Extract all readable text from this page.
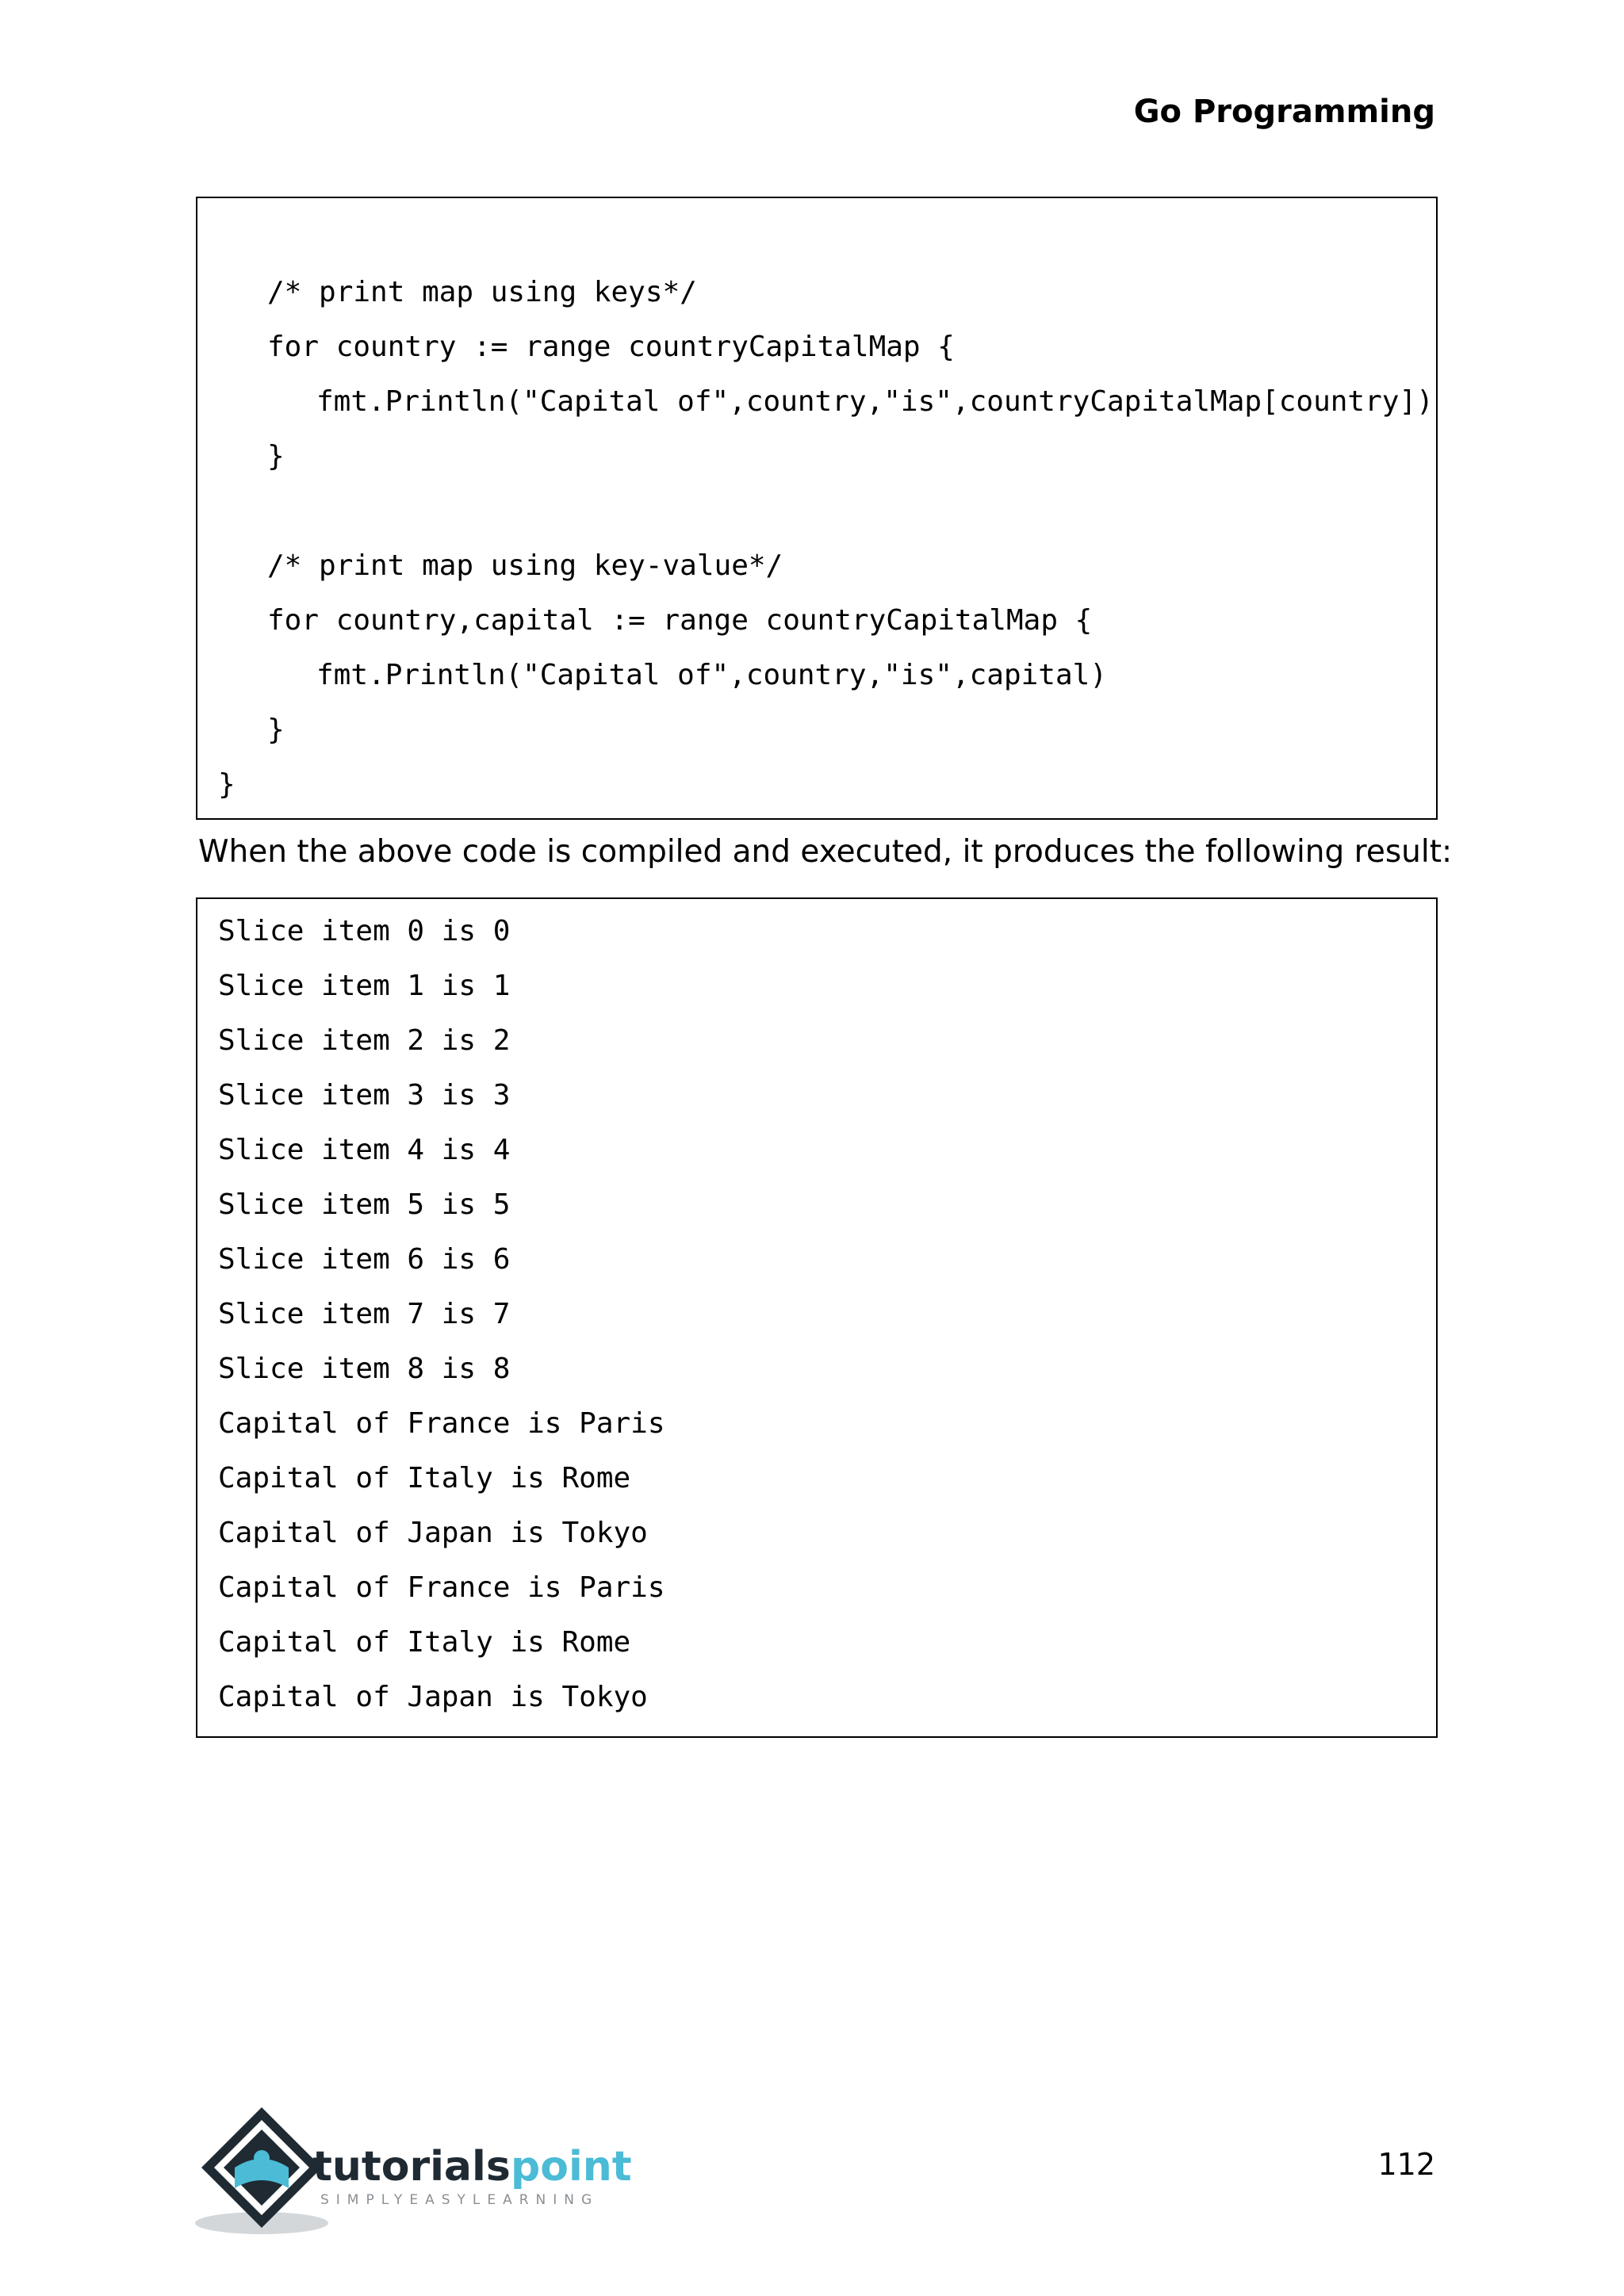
Go Programming
/* print map using keys*/
for country := range countryCapitalMap {
fmt.Println("Capital of",country,"is",countryCapitalMap[country])
}
/* print map using key-value*/
for country,capital := range countryCapitalMap {
fmt.Println("Capital of",country,"is",capital)
}
}
When the above code is compiled and executed, it produces the following result:
Slice item 0 is 0
Slice item 1 is 1
Slice item 2 is 2
Slice item 3 is 3
Slice item 4 is 4
Slice item 5 is 5
Slice item 6 is 6
Slice item 7 is 7
Slice item 8 is 8
Capital of France is Paris
Capital of Italy is Rome
Capital of Japan is Tokyo
Capital of France is Paris
Capital of Italy is Rome
Capital of Japan is Tokyo
tutorials point
SIMPLYEASYLEARNING
112
